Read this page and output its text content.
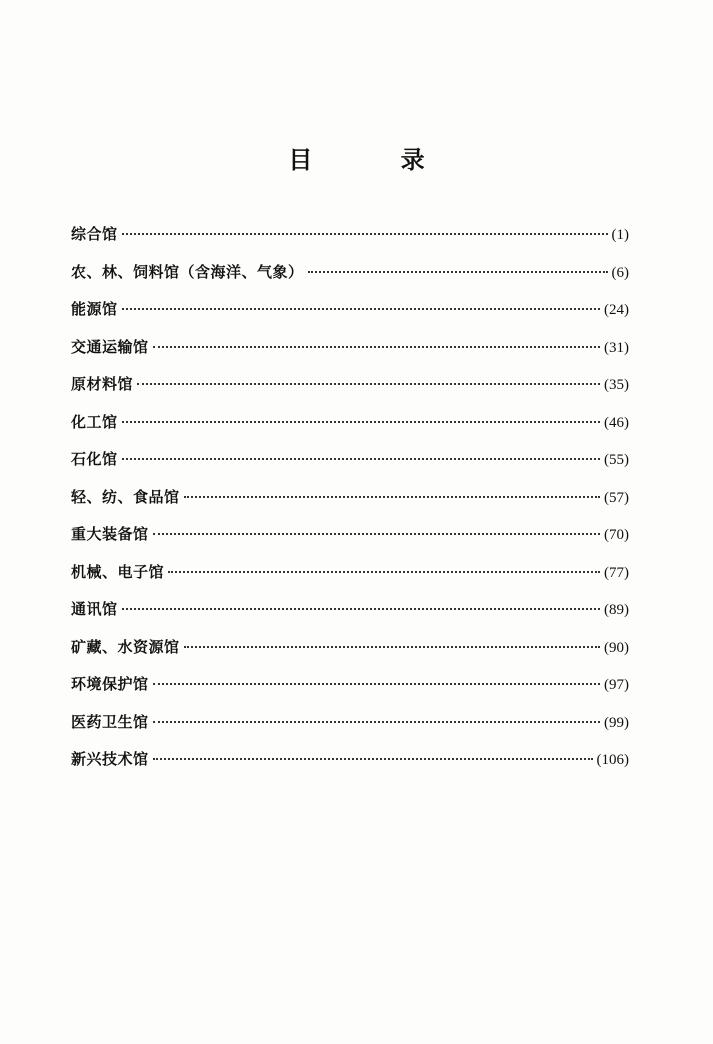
目 录
综合馆	(1)
农、林、饲料馆（含海洋、气象）	(6)
能源馆	(24)
交通运输馆	(31)
原材料馆	(35)
化工馆	(46)
石化馆	(55)
轻、纺、食品馆	(57)
重大装备馆	(70)
机械、电子馆	(77)
通讯馆	(89)
矿藏、水资源馆	(90)
环境保护馆	(97)
医药卫生馆	(99)
新兴技术馆	(106)
